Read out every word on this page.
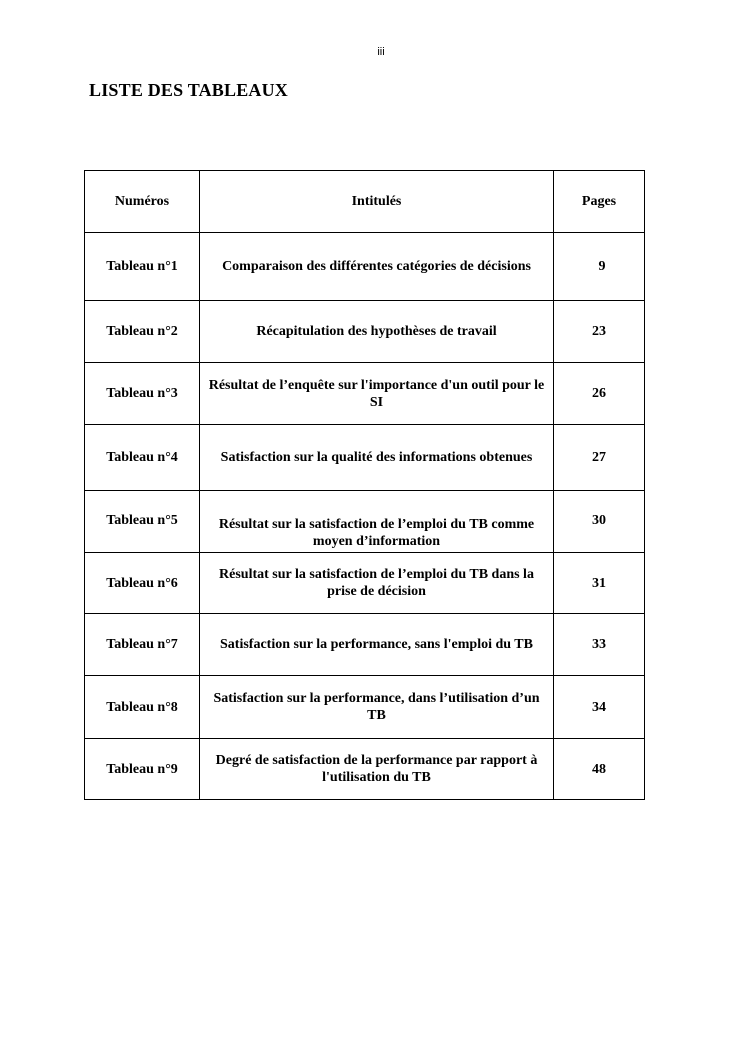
iii
LISTE DES TABLEAUX
Numéros	Intitulés	Pages
Tableau n°1	Comparaison des différentes catégories de décisions	9
Tableau n°2	Récapitulation des hypothèses de travail	23
Tableau n°3	Résultat de l’enquête sur l'importance d'un outil pour le SI	26
Tableau n°4	Satisfaction sur la qualité des informations obtenues	27
Tableau n°5	Résultat sur la satisfaction de l’emploi du TB comme moyen d’information	30
Tableau n°6	Résultat sur la satisfaction de l’emploi du TB dans la prise de décision	31
Tableau n°7	Satisfaction sur la performance, sans l'emploi du TB	33
Tableau n°8	Satisfaction sur la performance, dans l’utilisation d’un TB	34
Tableau n°9	Degré de satisfaction de la performance par rapport à l'utilisation du TB	48
